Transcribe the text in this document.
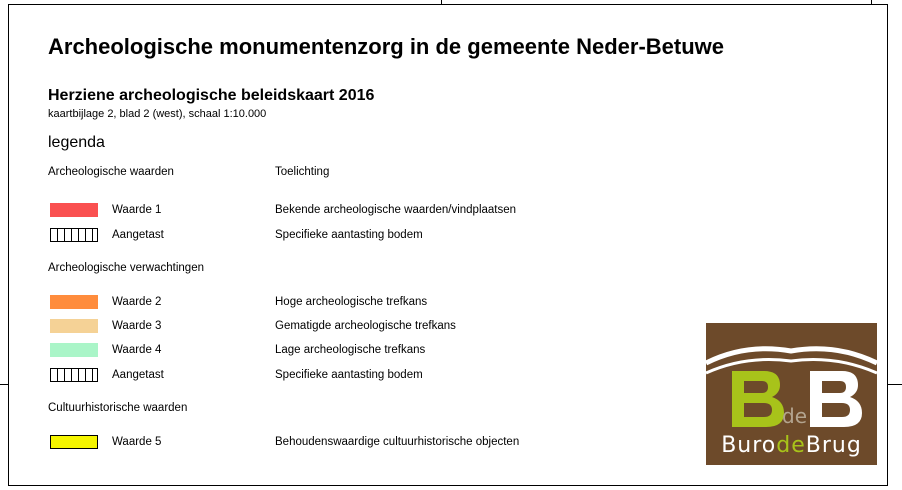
Archeologische monumentenzorg in de gemeente Neder-Betuwe
Herziene archeologische beleidskaart 2016
kaartbijlage 2, blad 2 (west), schaal 1:10.000
legenda
Archeologische waarden	Toelichting
Waarde 1	Bekende archeologische waarden/vindplaatsen
Aangetast	Specifieke aantasting bodem
Archeologische verwachtingen
Waarde 2	Hoge archeologische trefkans
Waarde 3	Gematigde archeologische trefkans
Waarde 4	Lage archeologische trefkans
Aangetast	Specifieke aantasting bodem
Cultuurhistorische waarden
Waarde 5	Behoudenswaardige cultuurhistorische objecten
de
BurodeBrug
